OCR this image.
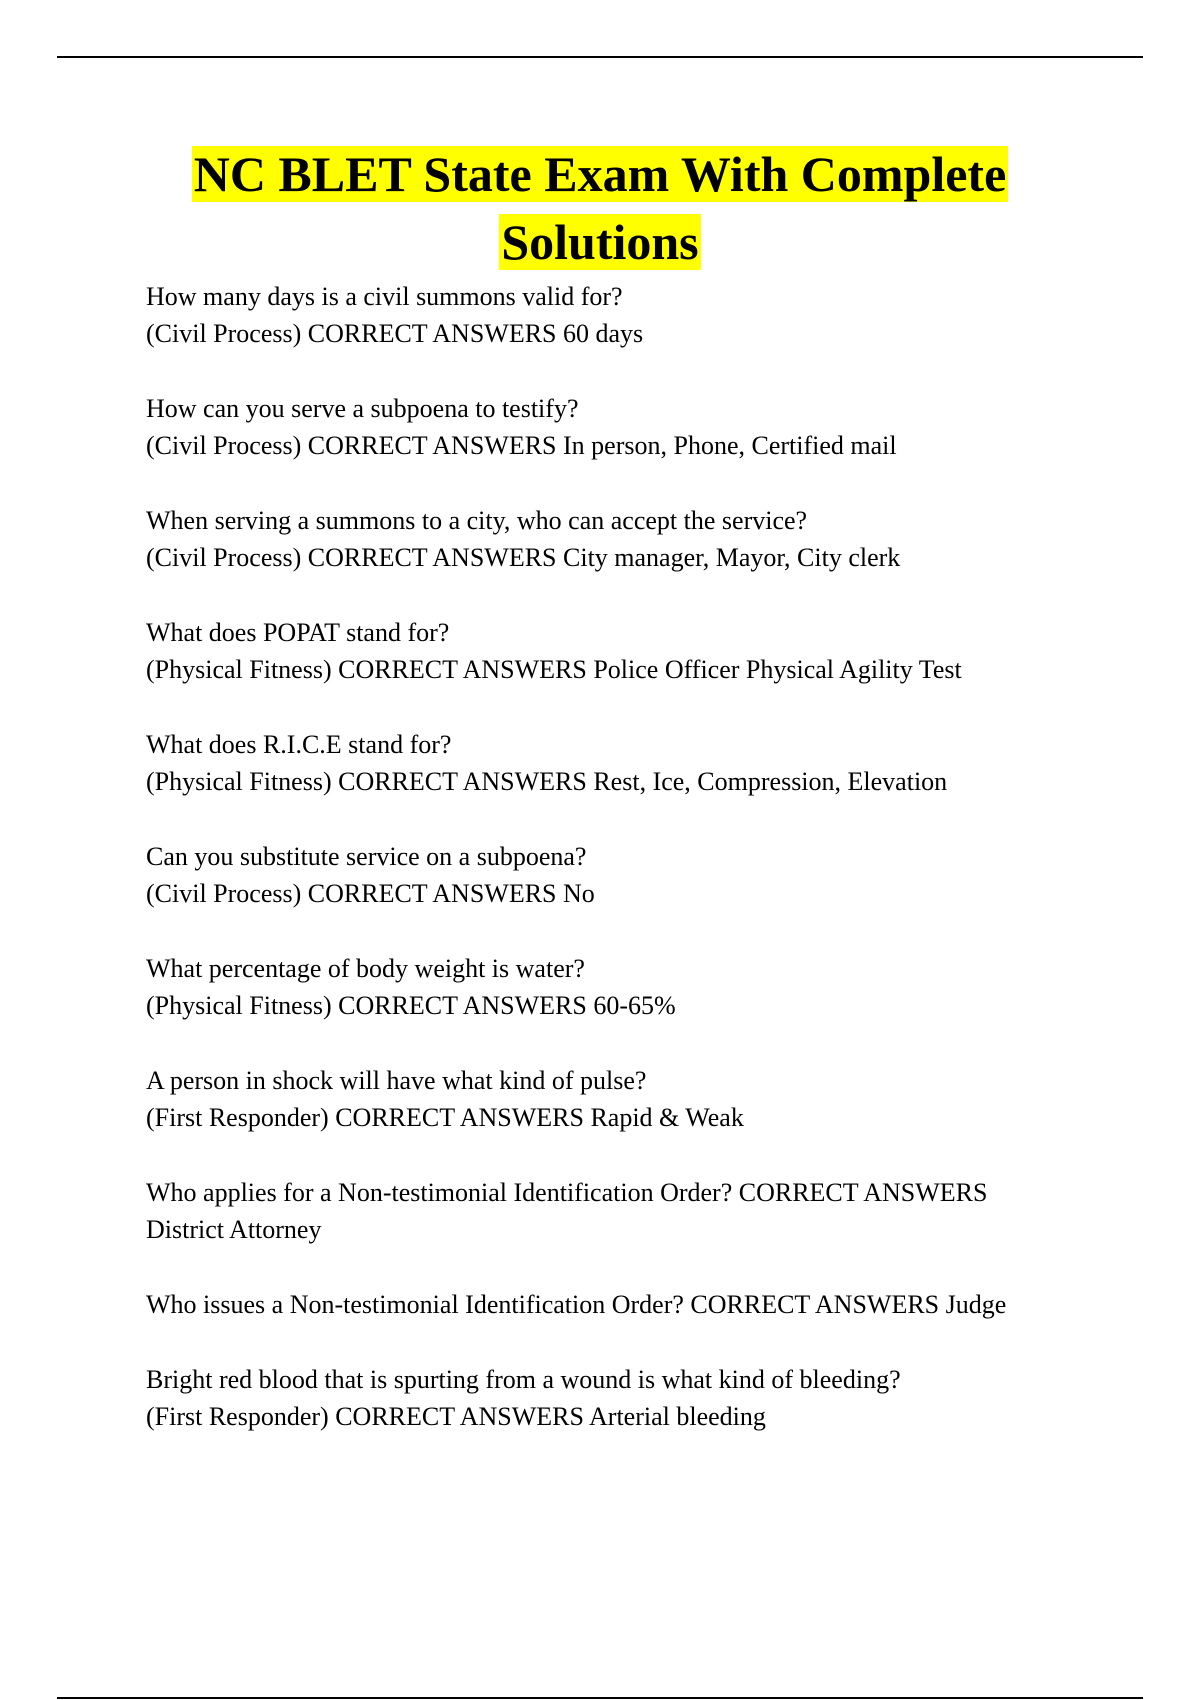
NC BLET State Exam With Complete
Solutions

How many days is a civil summons valid for?

(Civil Process) CORRECT ANSWERS 60 days

How can you serve a subpoena to testify?

(Civil Process) CORRECT ANSWERS In person, Phone, Certified mail

When serving a summons to a city, who can accept the service?

(Civil Process) CORRECT ANSWERS City manager, Mayor, City clerk

What does POPAT stand for?

(Physical Fitness) CORRECT ANSWERS Police Officer Physical Agility Test

What does R.I.C.E stand for?

(Physical Fitness) CORRECT ANSWERS Rest, Ice, Compression, Elevation

Can you substitute service on a subpoena?

(Civil Process) CORRECT ANSWERS No

What percentage of body weight is water?

(Physical Fitness) CORRECT ANSWERS 60-65%

A person in shock will have what kind of pulse?

(First Responder) CORRECT ANSWERS Rapid & Weak

Who applies for a Non-testimonial Identification Order? CORRECT ANSWERS

District Attorney

Who issues a Non-testimonial Identification Order? CORRECT ANSWERS Judge

Bright red blood that is spurting from a wound is what kind of bleeding?

(First Responder) CORRECT ANSWERS Arterial bleeding
